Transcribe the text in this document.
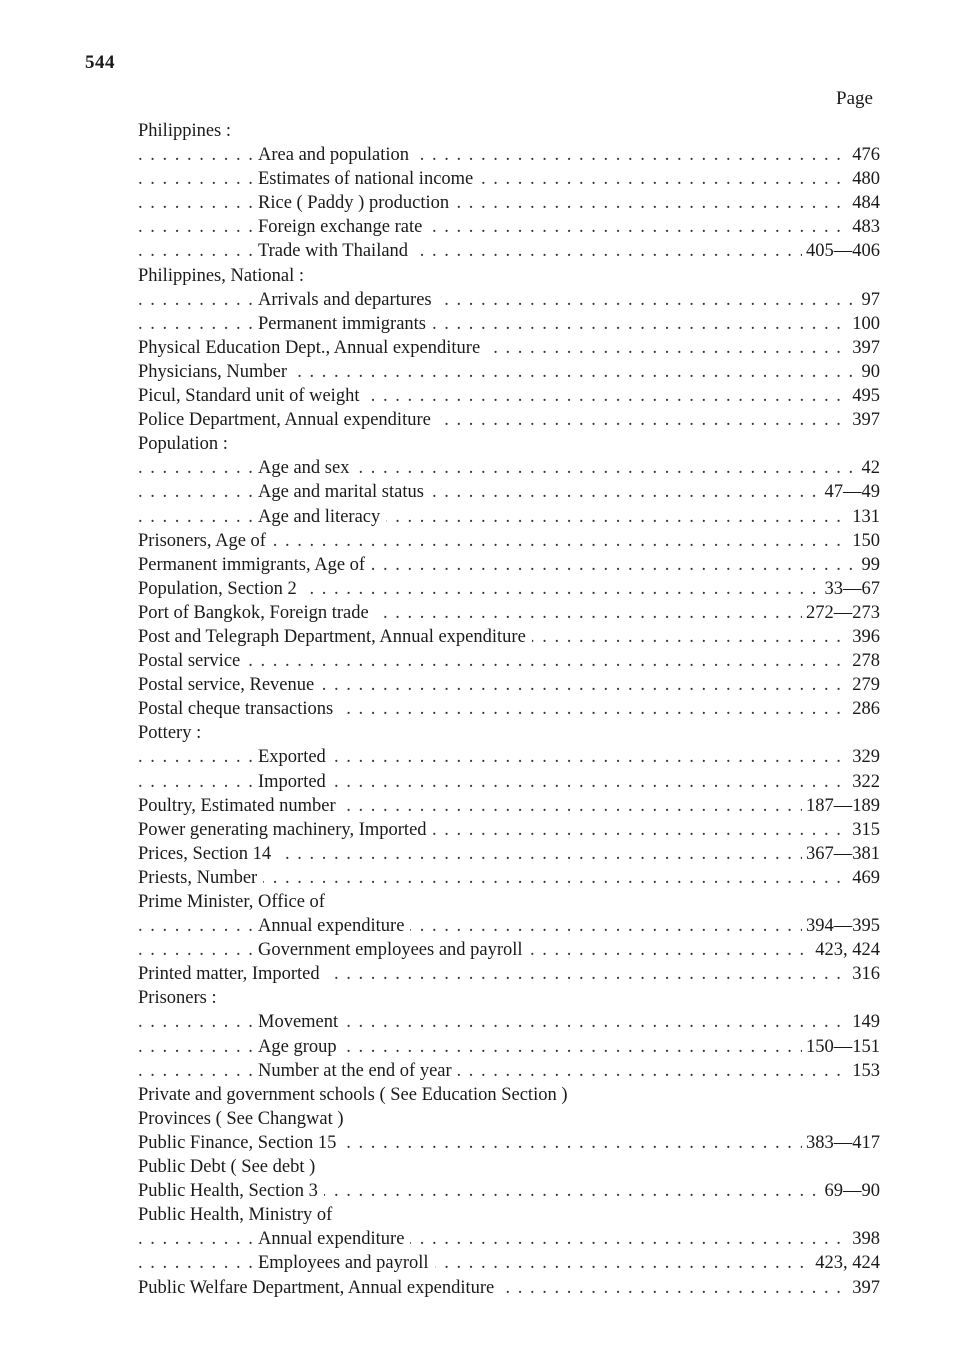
544
Page
Philippines :
Area and population . . .	476
Estimates of national income . . .	480
Rice ( Paddy ) production . . .	484
Foreign exchange rate . . .	483
Trade with Thailand . . .	405—406
Philippines, National :
Arrivals and departures . . .	97
Permanent immigrants . . .	100
Physical Education Dept., Annual expenditure . . .	397
Physicians, Number . . .	90
Picul, Standard unit of weight . . .	495
Police Department, Annual expenditure . . .	397
Population :
Age and sex . . .	42
Age and marital status . . .	47—49
Age and literacy . . .	131
Prisoners, Age of . . .	150
Permanent immigrants, Age of . . .	99
Population, Section 2 . . .	33—67
Port of Bangkok, Foreign trade . . .	272—273
Post and Telegraph Department, Annual expenditure . . .	396
Postal service . . .	278
Postal service, Revenue . . .	279
Postal cheque transactions . . .	286
Pottery :
Exported . . .	329
Imported . . .	322
Poultry, Estimated number . . .	187—189
Power generating machinery, Imported . . .	315
Prices, Section 14 . . .	367—381
Priests, Number . . .	469
Prime Minister, Office of
Annual expenditure . . .	394—395
Government employees and payroll . . .	423, 424
Printed matter, Imported . . .	316
Prisoners :
Movement . . .	149
Age group . . .	150—151
Number at the end of year . . .	153
Private and government schools ( See Education Section )
Provinces ( See Changwat )
Public Finance, Section 15 . . .	383—417
Public Debt ( See debt )
Public Health, Section 3 . . .	69—90
Public Health, Ministry of
Annual expenditure . . .	398
Employees and payroll . . .	423, 424
Public Welfare Department, Annual expenditure . . .	397
